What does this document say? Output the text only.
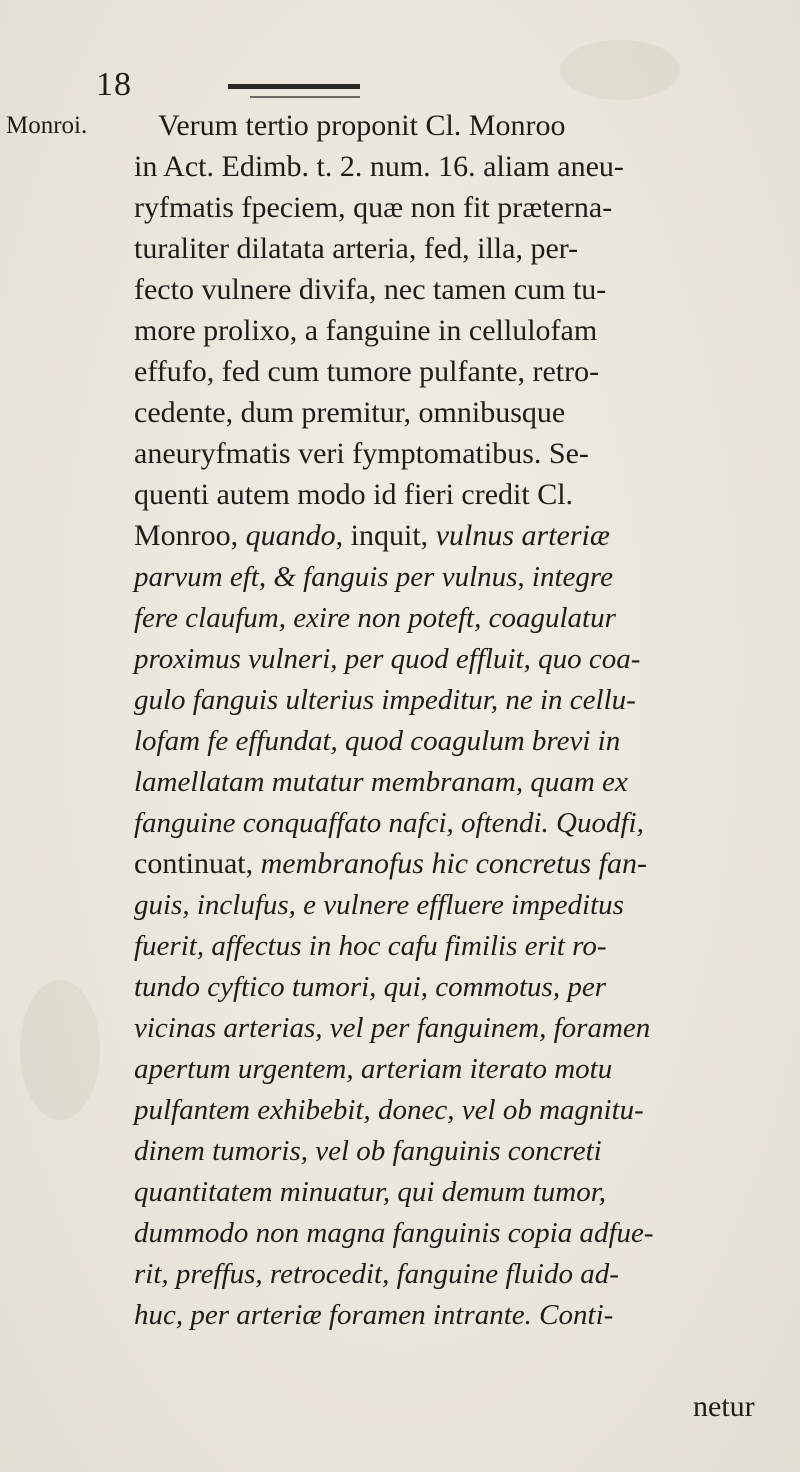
18
Monroi. Verum tertio proponit Cl. Monroo
in Act. Edimb. t. 2. num. 16. aliam aneu-
ryfmatis fpeciem, quæ non fit præterna-
turaliter dilatata arteria, fed, illa, per-
fecto vulnere divifa, nec tamen cum tu-
more prolixo, a fanguine in cellulofam
effufo, fed cum tumore pulfante, retro-
cedente, dum premitur, omnibusque
aneuryfmatis veri fymptomatibus. Se-
quenti autem modo id fieri credit Cl.
Monroo, quando, inquit, vulnus arteriæ
parvum eft, & fanguis per vulnus, integre
fere claufum, exire non poteft, coagulatur
proximus vulneri, per quod effluit, quo coa-
gulo fanguis ulterius impeditur, ne in cellu-
lofam fe effundat, quod coagulum brevi in
lamellatam mutatur membranam, quam ex
fanguine conquaffato nafci, oftendi. Quodfi,
continuat, membranofus hic concretus fan-
guis, inclufus, e vulnere effluere impeditus
fuerit, affectus in hoc cafu fimilis erit ro-
tundo cyftico tumori, qui, commotus, per
vicinas arterias, vel per fanguinem, foramen
apertum urgentem, arteriam iterato motu
pulfantem exhibebit, donec, vel ob magnitu-
dinem tumoris, vel ob fanguinis concreti
quantitatem minuatur, qui demum tumor,
dummodo non magna fanguinis copia adfue-
rit, preffus, retrocedit, fanguine fluido ad-
huc, per arteriæ foramen intrante. Conti-
netur
